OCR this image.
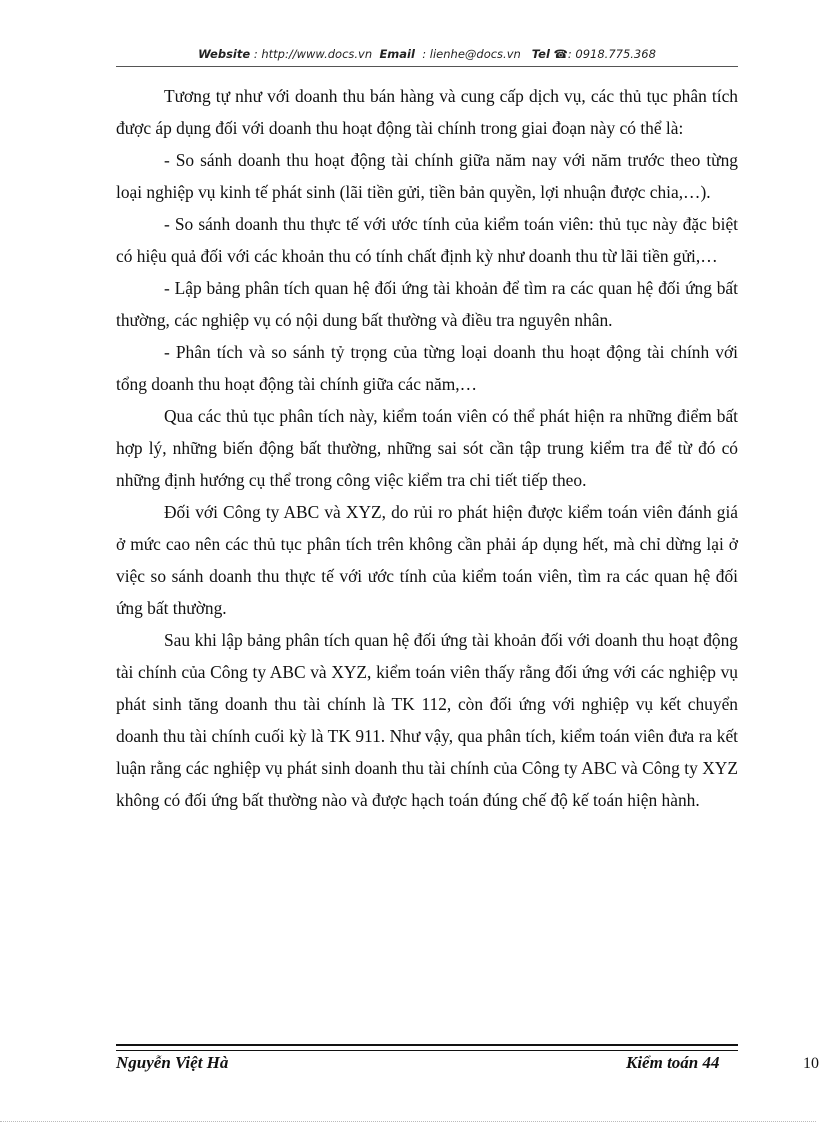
Website : http://www.docs.vn Email : lienhe@docs.vn Tel ☎: 0918.775.368

Tương tự như với doanh thu bán hàng và cung cấp dịch vụ, các thủ tục phân tích được áp dụng đối với doanh thu hoạt động tài chính trong giai đoạn này có thể là:

- So sánh doanh thu hoạt động tài chính giữa năm nay với năm trước theo từng loại nghiệp vụ kinh tế phát sinh (lãi tiền gửi, tiền bản quyền, lợi nhuận được chia,…).

- So sánh doanh thu thực tế với ước tính của kiểm toán viên: thủ tục này đặc biệt có hiệu quả đối với các khoản thu có tính chất định kỳ như doanh thu từ lãi tiền gửi,…

- Lập bảng phân tích quan hệ đối ứng tài khoản để tìm ra các quan hệ đối ứng bất thường, các nghiệp vụ có nội dung bất thường và điều tra nguyên nhân.

- Phân tích và so sánh tỷ trọng của từng loại doanh thu hoạt động tài chính với tổng doanh thu hoạt động tài chính giữa các năm,…

Qua các thủ tục phân tích này, kiểm toán viên có thể phát hiện ra những điểm bất hợp lý, những biến động bất thường, những sai sót cần tập trung kiểm tra để từ đó có những định hướng cụ thể trong công việc kiểm tra chi tiết tiếp theo.

Đối với Công ty ABC và XYZ, do rủi ro phát hiện được kiểm toán viên đánh giá ở mức cao nên các thủ tục phân tích trên không cần phải áp dụng hết, mà chỉ dừng lại ở việc so sánh doanh thu thực tế với ước tính của kiểm toán viên, tìm ra các quan hệ đối ứng bất thường.

Sau khi lập bảng phân tích quan hệ đối ứng tài khoản đối với doanh thu hoạt động tài chính của Công ty ABC và XYZ, kiểm toán viên thấy rằng đối ứng với các nghiệp vụ phát sinh tăng doanh thu tài chính là TK 112, còn đối ứng với nghiệp vụ kết chuyển doanh thu tài chính cuối kỳ là TK 911. Như vậy, qua phân tích, kiểm toán viên đưa ra kết luận rằng các nghiệp vụ phát sinh doanh thu tài chính của Công ty ABC và Công ty XYZ không có đối ứng bất thường nào và được hạch toán đúng chế độ kế toán hiện hành.

Nguyễn Việt Hà	Kiểm toán 44	10
